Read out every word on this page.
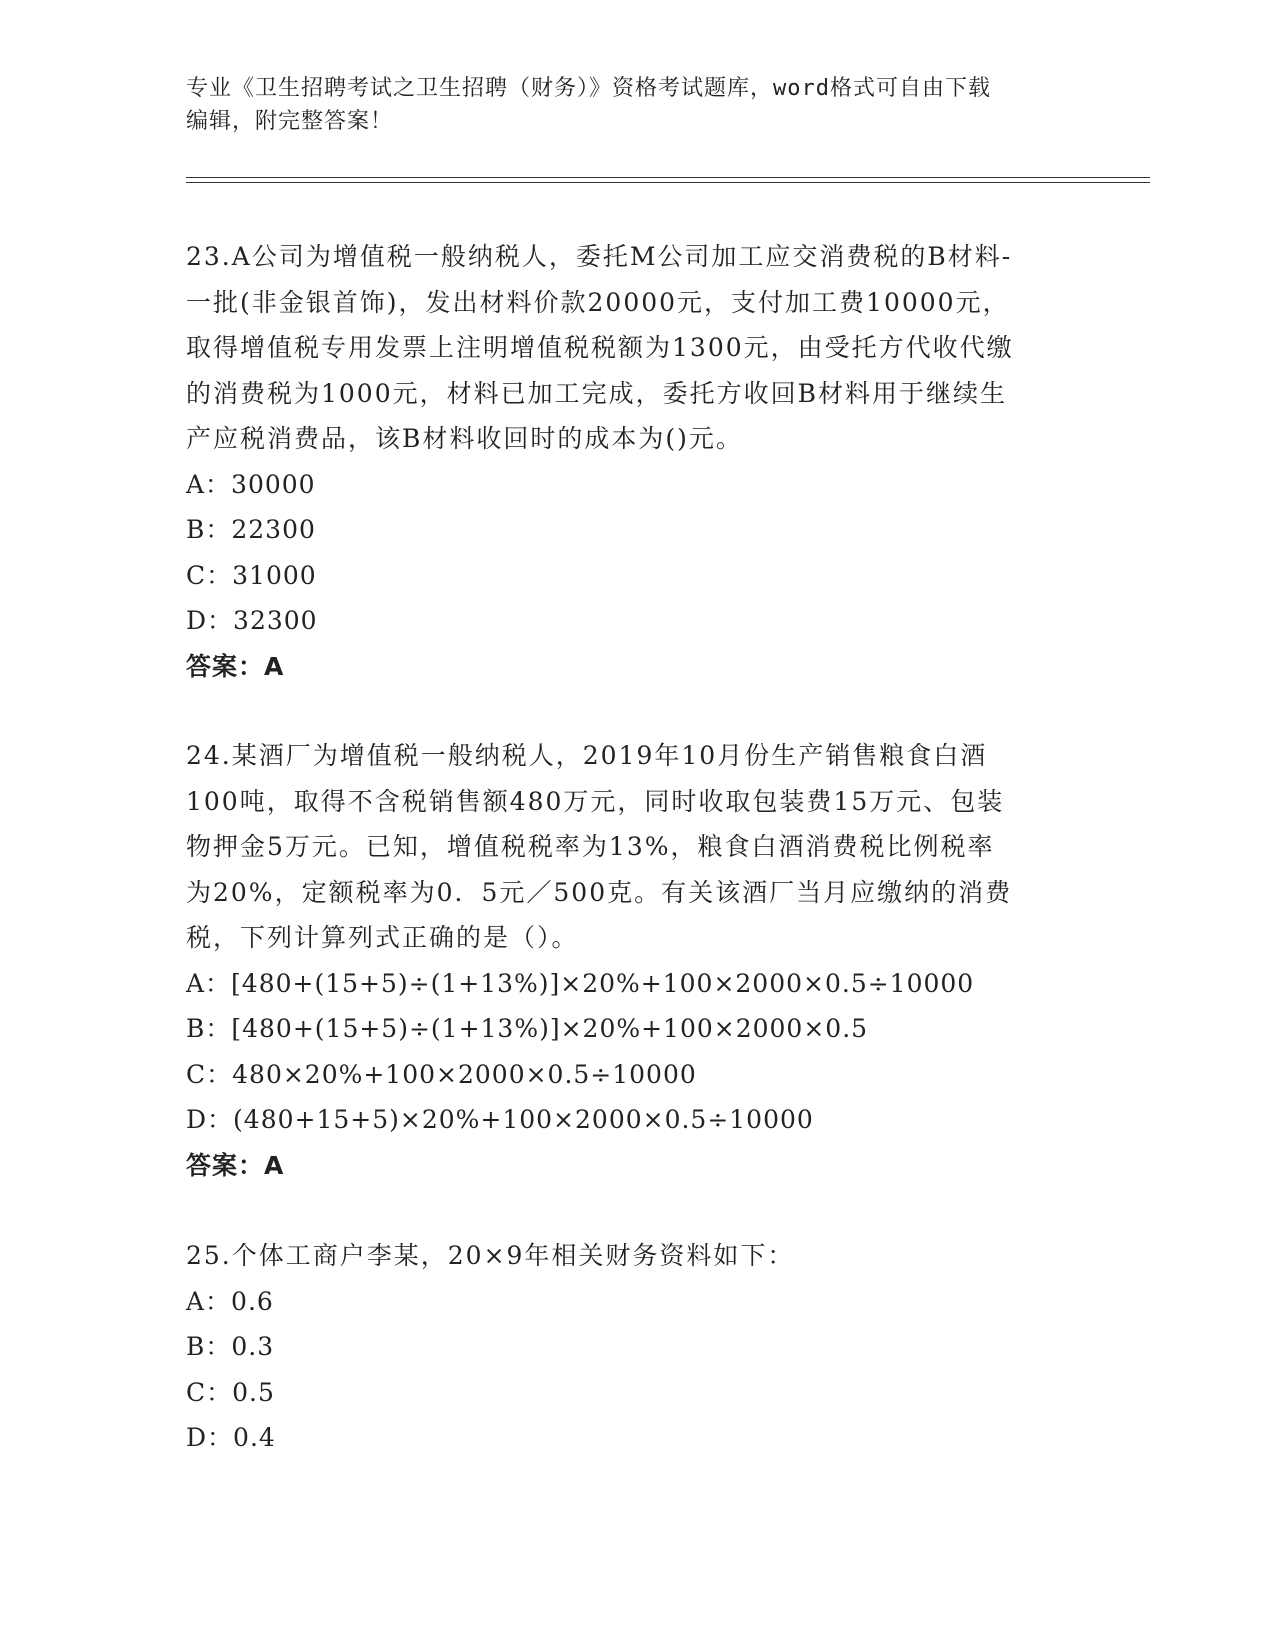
专业《卫生招聘考试之卫生招聘（财务）》资格考试题库，word格式可自由下载
编辑，附完整答案！

23.A公司为增值税一般纳税人，委托M公司加工应交消费税的B材料-

一批(非金银首饰)，发出材料价款20000元，支付加工费10000元，

取得增值税专用发票上注明增值税税额为1300元，由受托方代收代缴

的消费税为1000元，材料已加工完成，委托方收回B材料用于继续生

产应税消费品，该B材料收回时的成本为()元。

A：30000

B：22300

C：31000

D：32300

答案：A

24.某酒厂为增值税一般纳税人，2019年10月份生产销售粮食白酒

100吨，取得不含税销售额480万元，同时收取包装费15万元、包装

物押金5万元。已知，增值税税率为13%，粮食白酒消费税比例税率

为20%，定额税率为0．5元／500克。有关该酒厂当月应缴纳的消费

税，下列计算列式正确的是（）。

A：[480+(15+5)÷(1+13%)]×20%+100×2000×0.5÷10000

B：[480+(15+5)÷(1+13%)]×20%+100×2000×0.5

C：480×20%+100×2000×0.5÷10000

D：(480+15+5)×20%+100×2000×0.5÷10000

答案：A

25.个体工商户李某，20×9年相关财务资料如下：

A：0.6

B：0.3

C：0.5

D：0.4
